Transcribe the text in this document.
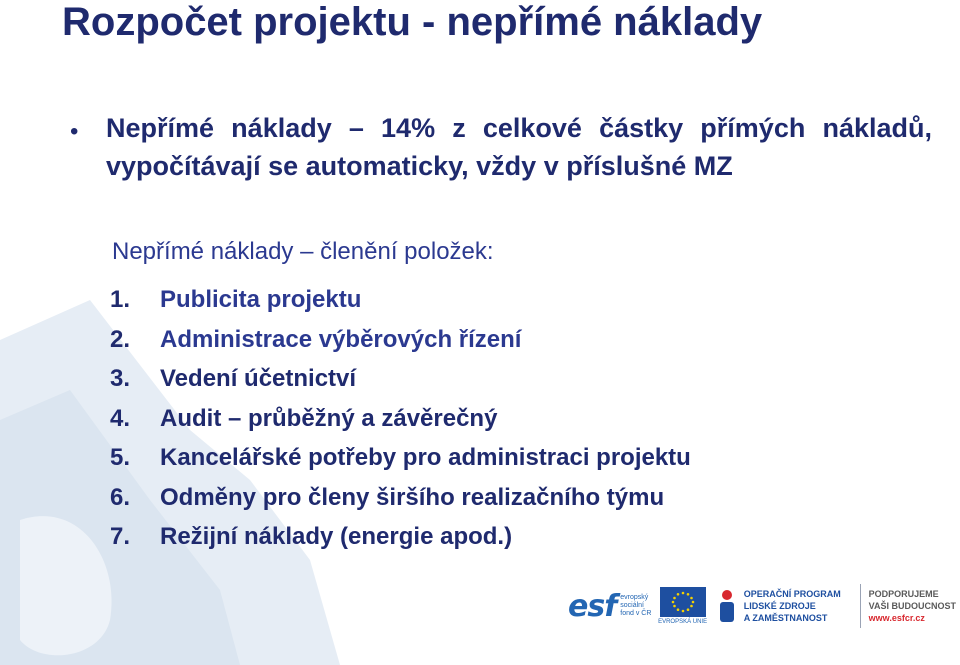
Rozpočet projektu - nepřímé náklady
• Nepřímé náklady – 14% z celkové částky přímých nákladů, vypočítávají se automaticky, vždy v příslušné MZ
Nepřímé náklady – členění položek:
1. Publicita projektu
2. Administrace výběrových řízení
3. Vedení účetnictví
4. Audit – průběžný a závěrečný
5. Kancelářské potřeby pro administraci projektu
6. Odměny pro členy širšího realizačního týmu
7. Režijní náklady (energie apod.)
esf evropský
sociální
fond v ČR
EVROPSKÁ UNIE
OPERAČNÍ PROGRAM
LIDSKÉ ZDROJE
A ZAMĚSTNANOST
PODPORUJEME
VAŠI BUDOUCNOST
www.esfcr.cz
